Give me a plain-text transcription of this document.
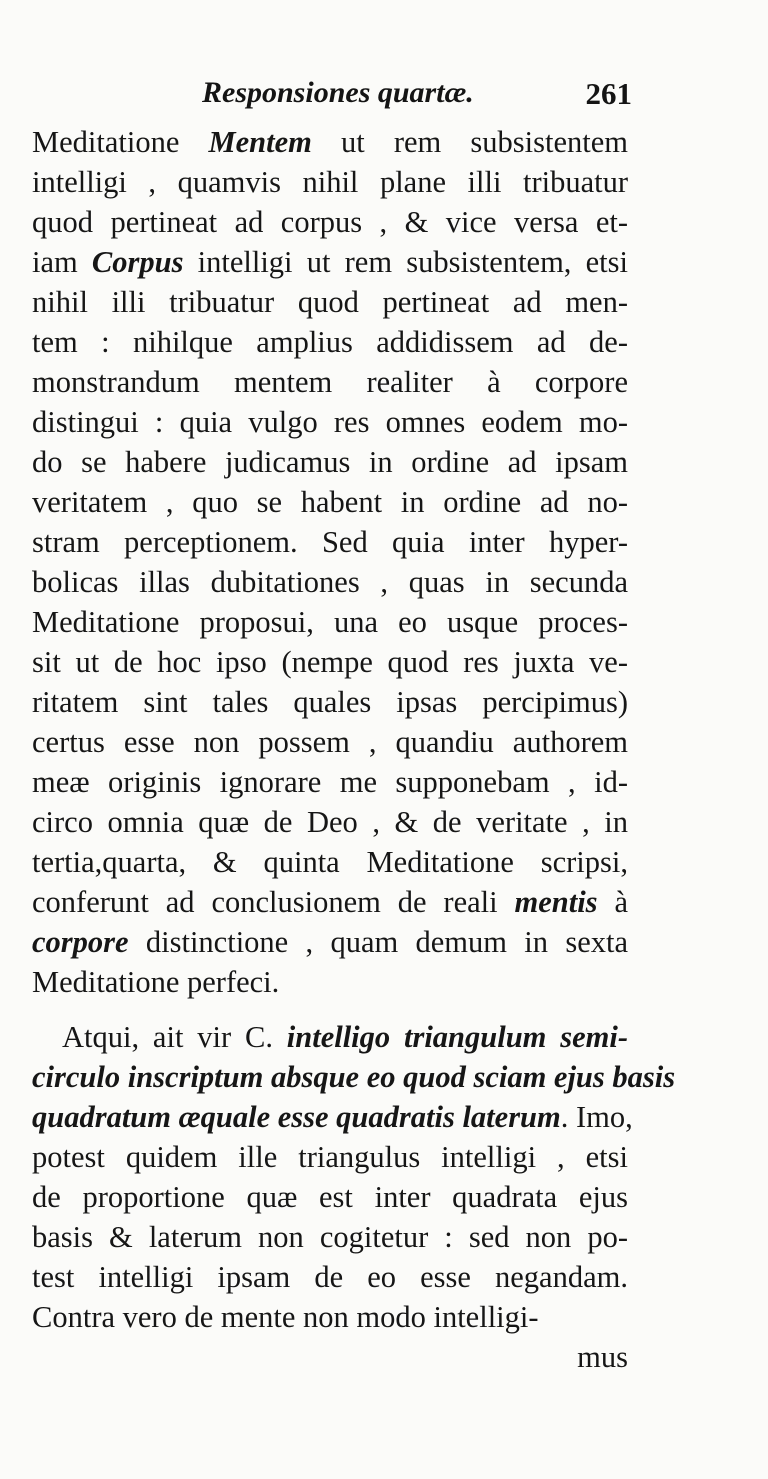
Responsiones quartæ.	261
Meditatione Mentem ut rem subsistentem
intelligi , quamvis nihil plane illi tribuatur
quod pertineat ad corpus , & vice versa et-
iam Corpus intelligi ut rem subsistentem, etsi
nihil illi tribuatur quod pertineat ad men-
tem : nihilque amplius addidissem ad de-
monstrandum mentem realiter à corpore
distingui : quia vulgo res omnes eodem mo-
do se habere judicamus in ordine ad ipsam
veritatem , quo se habent in ordine ad no-
stram perceptionem. Sed quia inter hyper-
bolicas illas dubitationes , quas in secunda
Meditatione proposui, una eo usque proces-
sit ut de hoc ipso (nempe quod res juxta ve-
ritatem sint tales quales ipsas percipimus)
certus esse non possem , quandiu authorem
meæ originis ignorare me supponebam , id-
circo omnia quæ de Deo , & de veritate , in
tertia,quarta, & quinta Meditatione scripsi,
conferunt ad conclusionem de reali mentis à
corpore distinctione , quam demum in sexta
Meditatione perfeci.
Atqui, ait vir C. intelligo triangulum semi-
circulo inscriptum absque eo quod sciam ejus basis
quadratum æquale esse quadratis laterum. Imo,
potest quidem ille triangulus intelligi , etsi
de proportione quæ est inter quadrata ejus
basis & laterum non cogitetur : sed non po-
test intelligi ipsam de eo esse negandam.
Contra vero de mente non modo intelligi-
mus
